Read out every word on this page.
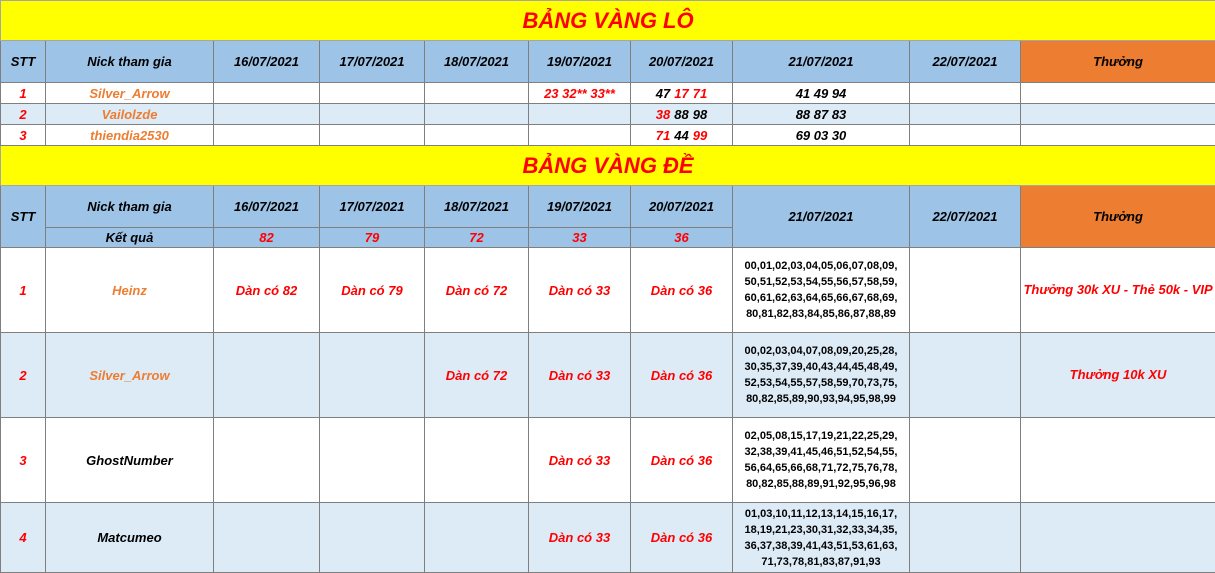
BẢNG VÀNG LÔ									
STT	Nick tham gia	16/07/2021	17/07/2021	18/07/2021	19/07/2021	20/07/2021	21/07/2021	22/07/2021	Thưởng
1	Silver_Arrow				23 32** 33**	47 17 71	41 49 94		
2	Vailolzde					38 88 98	88 87 83		
3	thiendia2530					71 44 99	69 03 30		
BẢNG VÀNG ĐỀ									
STT	Nick tham gia	16/07/2021	17/07/2021	18/07/2021	19/07/2021	20/07/2021	21/07/2021	22/07/2021	Thưởng
	Kết quả	82	79	72	33	36			
1	Heinz	Dàn có 82	Dàn có 79	Dàn có 72	Dàn có 33	Dàn có 36	00,01,02,03,04,05,06,07,08,09, 50,51,52,53,54,55,56,57,58,59, 60,61,62,63,64,65,66,67,68,69, 80,81,82,83,84,85,86,87,88,89		Thưởng 30k XU - Thẻ 50k - VIP
2	Silver_Arrow			Dàn có 72	Dàn có 33	Dàn có 36	00,02,03,04,07,08,09,20,25,28, 30,35,37,39,40,43,44,45,48,49, 52,53,54,55,57,58,59,70,73,75, 80,82,85,89,90,93,94,95,98,99		Thưởng 10k XU
3	GhostNumber				Dàn có 33	Dàn có 36	02,05,08,15,17,19,21,22,25,29, 32,38,39,41,45,46,51,52,54,55, 56,64,65,66,68,71,72,75,76,78, 80,82,85,88,89,91,92,95,96,98		
4	Matcumeo				Dàn có 33	Dàn có 36	01,03,10,11,12,13,14,15,16,17, 18,19,21,23,30,31,32,33,34,35, 36,37,38,39,41,43,51,53,61,63, 71,73,78,81,83,87,91,93		
